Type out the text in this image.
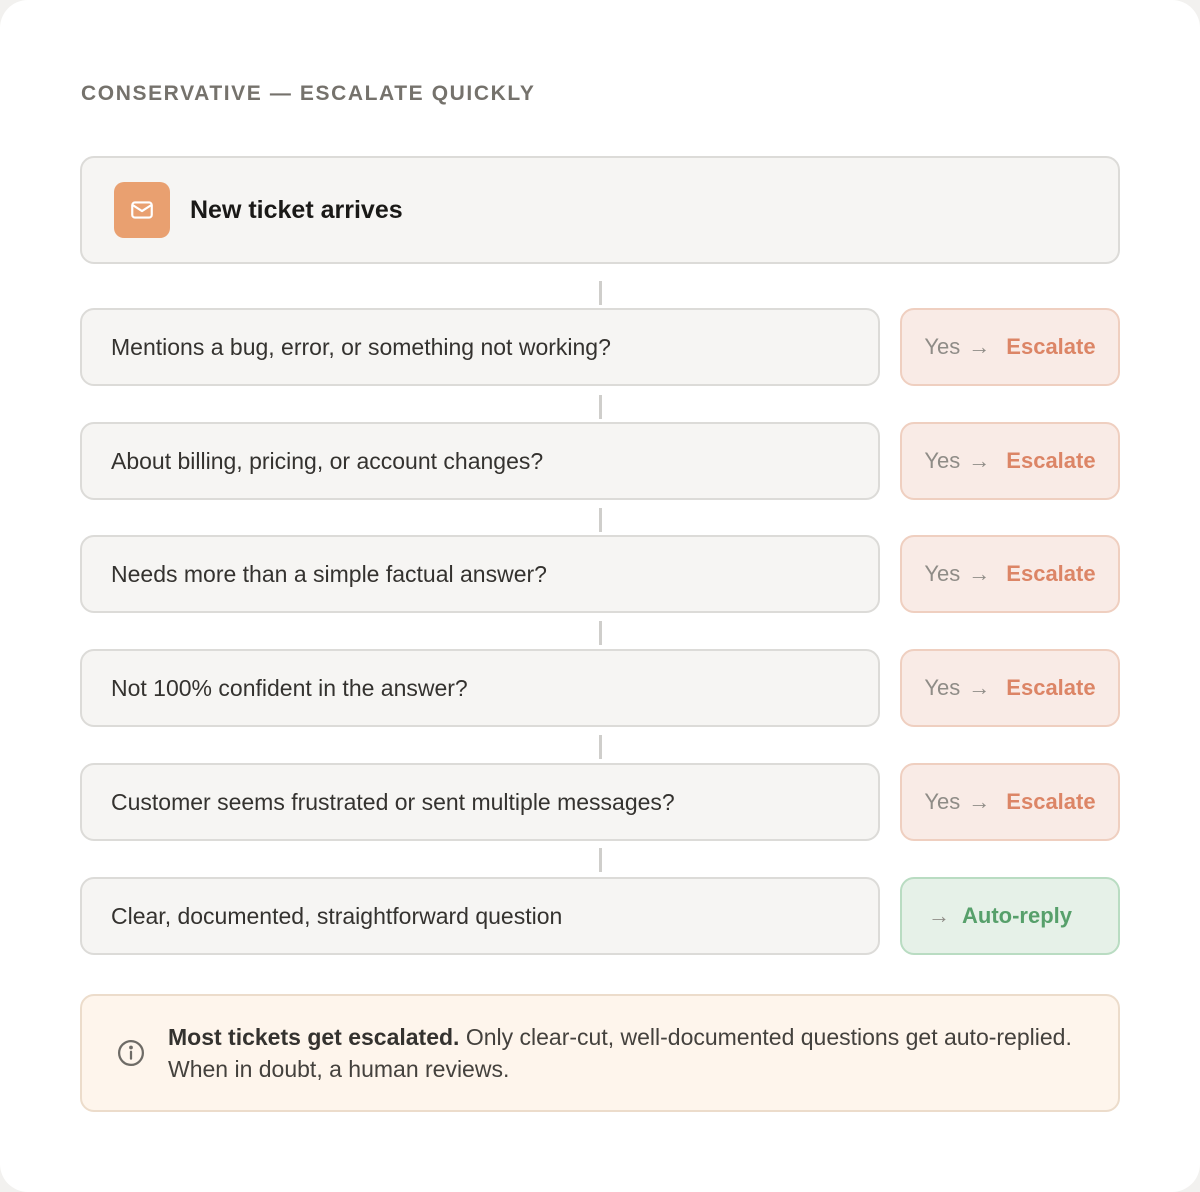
CONSERVATIVE — ESCALATE QUICKLY
New ticket arrives
Mentions a bug, error, or something not working?	Yes → Escalate
About billing, pricing, or account changes?	Yes → Escalate
Needs more than a simple factual answer?	Yes → Escalate
Not 100% confident in the answer?	Yes → Escalate
Customer seems frustrated or sent multiple messages?	Yes → Escalate
Clear, documented, straightforward question	→ Auto-reply
Most tickets get escalated. Only clear-cut, well-documented questions get auto-replied. When in doubt, a human reviews.
